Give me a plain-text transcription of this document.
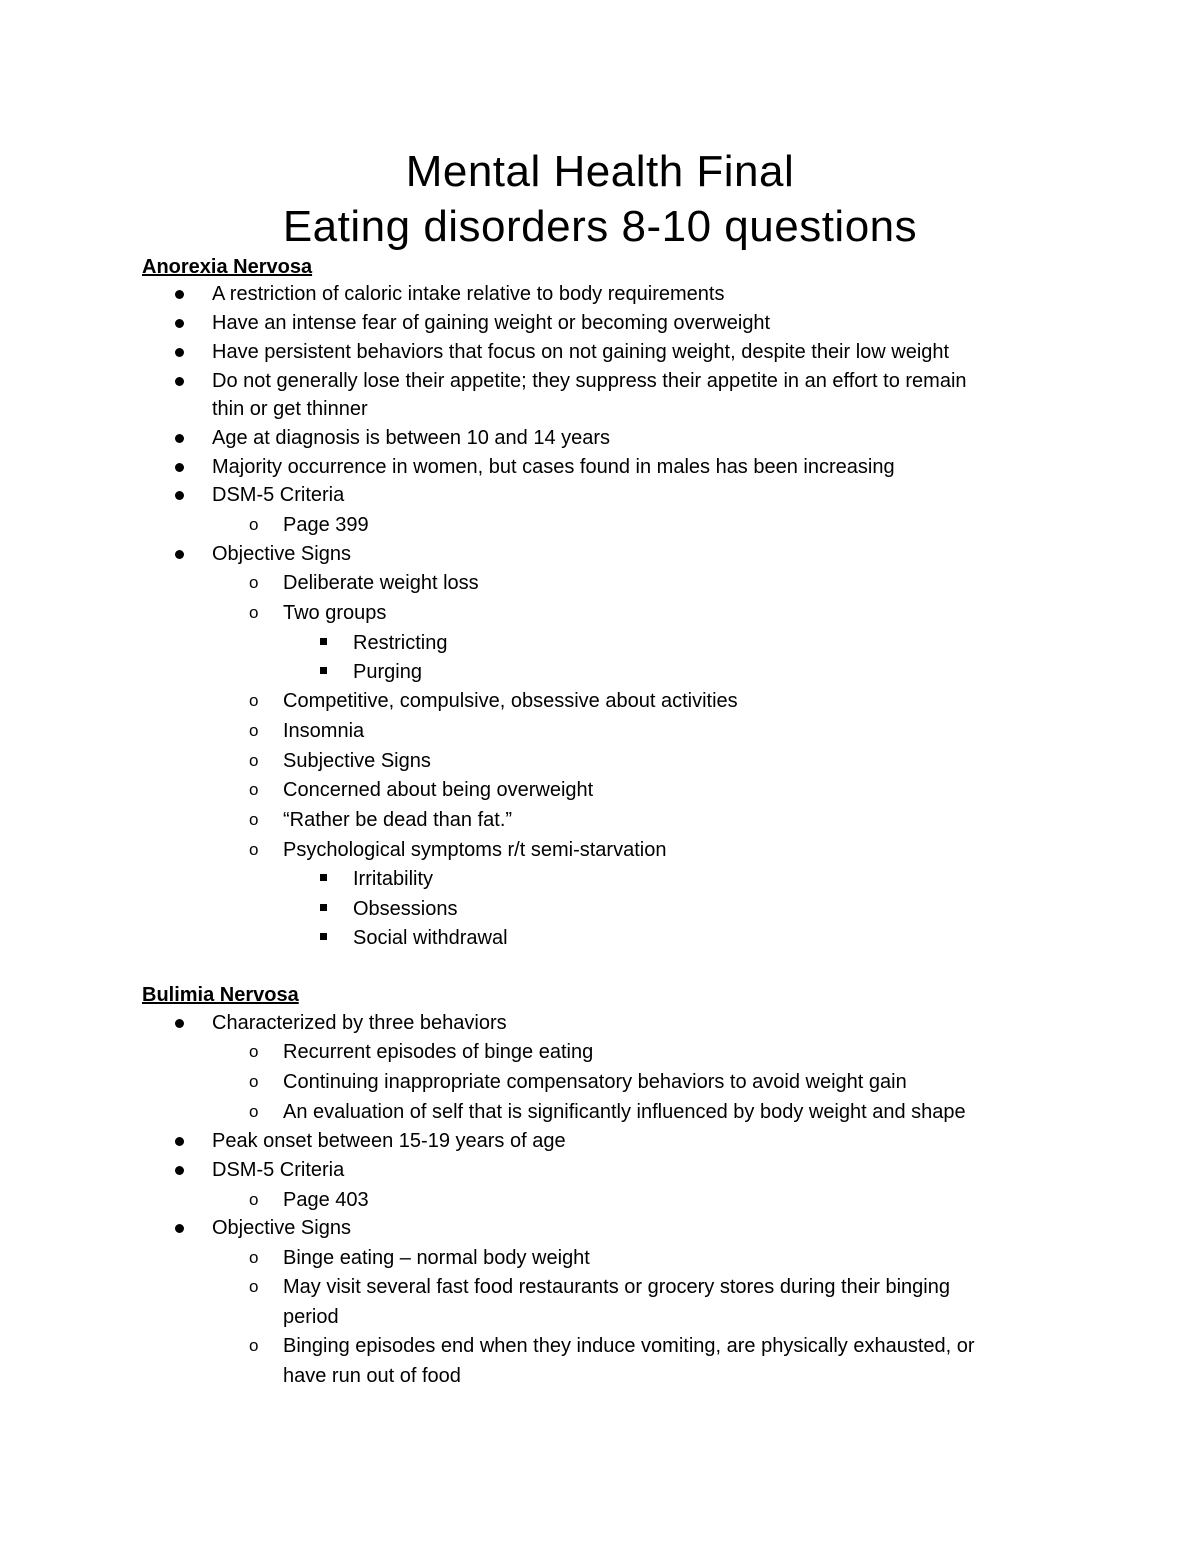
Mental Health Final
Eating disorders 8-10 questions
Anorexia Nervosa
A restriction of caloric intake relative to body requirements
Have an intense fear of gaining weight or becoming overweight
Have persistent behaviors that focus on not gaining weight, despite their low weight
Do not generally lose their appetite; they suppress their appetite in an effort to remain
thin or get thinner
Age at diagnosis is between 10 and 14 years
Majority occurrence in women, but cases found in males has been increasing
DSM-5 Criteria
o Page 399
Objective Signs
o Deliberate weight loss
o Two groups
Restricting
Purging
o Competitive, compulsive, obsessive about activities
o Insomnia
o Subjective Signs
o Concerned about being overweight
o “Rather be dead than fat.”
o Psychological symptoms r/t semi-starvation
Irritability
Obsessions
Social withdrawal
Bulimia Nervosa
Characterized by three behaviors
o Recurrent episodes of binge eating
o Continuing inappropriate compensatory behaviors to avoid weight gain
o An evaluation of self that is significantly influenced by body weight and shape
Peak onset between 15-19 years of age
DSM-5 Criteria
o Page 403
Objective Signs
o Binge eating – normal body weight
o May visit several fast food restaurants or grocery stores during their binging
period
o Binging episodes end when they induce vomiting, are physically exhausted, or
have run out of food
